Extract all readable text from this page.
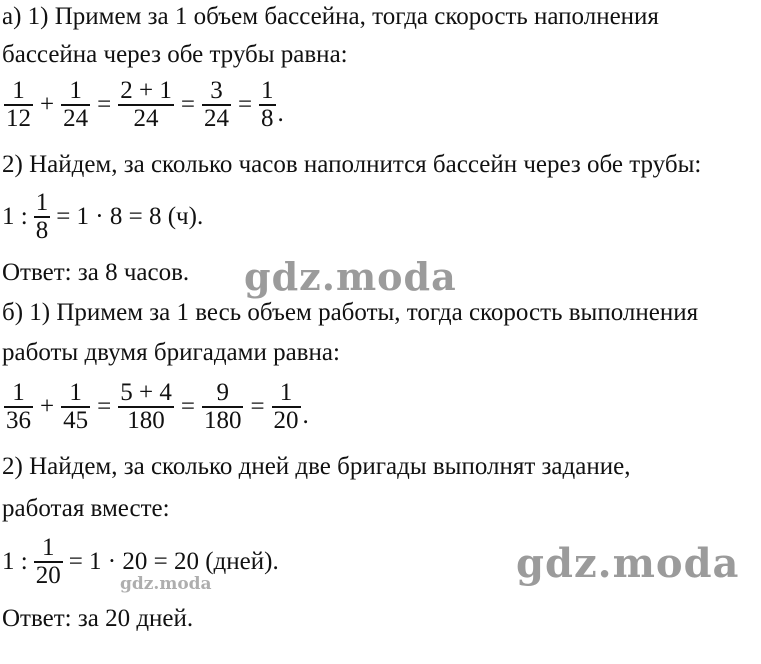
а) 1) Примем за 1 объем бассейна, тогда скорость наполнения
бассейна через обе трубы равна:
$\frac{1}{12} + \frac{1}{24} = \frac{2 + 1}{24} = \frac{3}{24} = \frac{1}{8}$ .
2) Найдем, за сколько часов наполнится бассейн через обе трубы:
1 : $\frac{1}{8} = 1 \cdot 8 = 8$ (ч).
Ответ: за 8 часов.
б) 1) Примем за 1 весь объем работы, тогда скорость выполнения
работы двумя бригадами равна:
$\frac{1}{36} + \frac{1}{45} = \frac{5 + 4}{180} = \frac{9}{180} = \frac{1}{20}$ .
2) Найдем, за сколько дней две бригады выполнят задание,
работая вместе:
1 : $\frac{1}{20} = 1 \cdot 20 = 20$ (дней).
Ответ: за 20 дней.
gdz.moda
gdz.moda
gdz.moda
